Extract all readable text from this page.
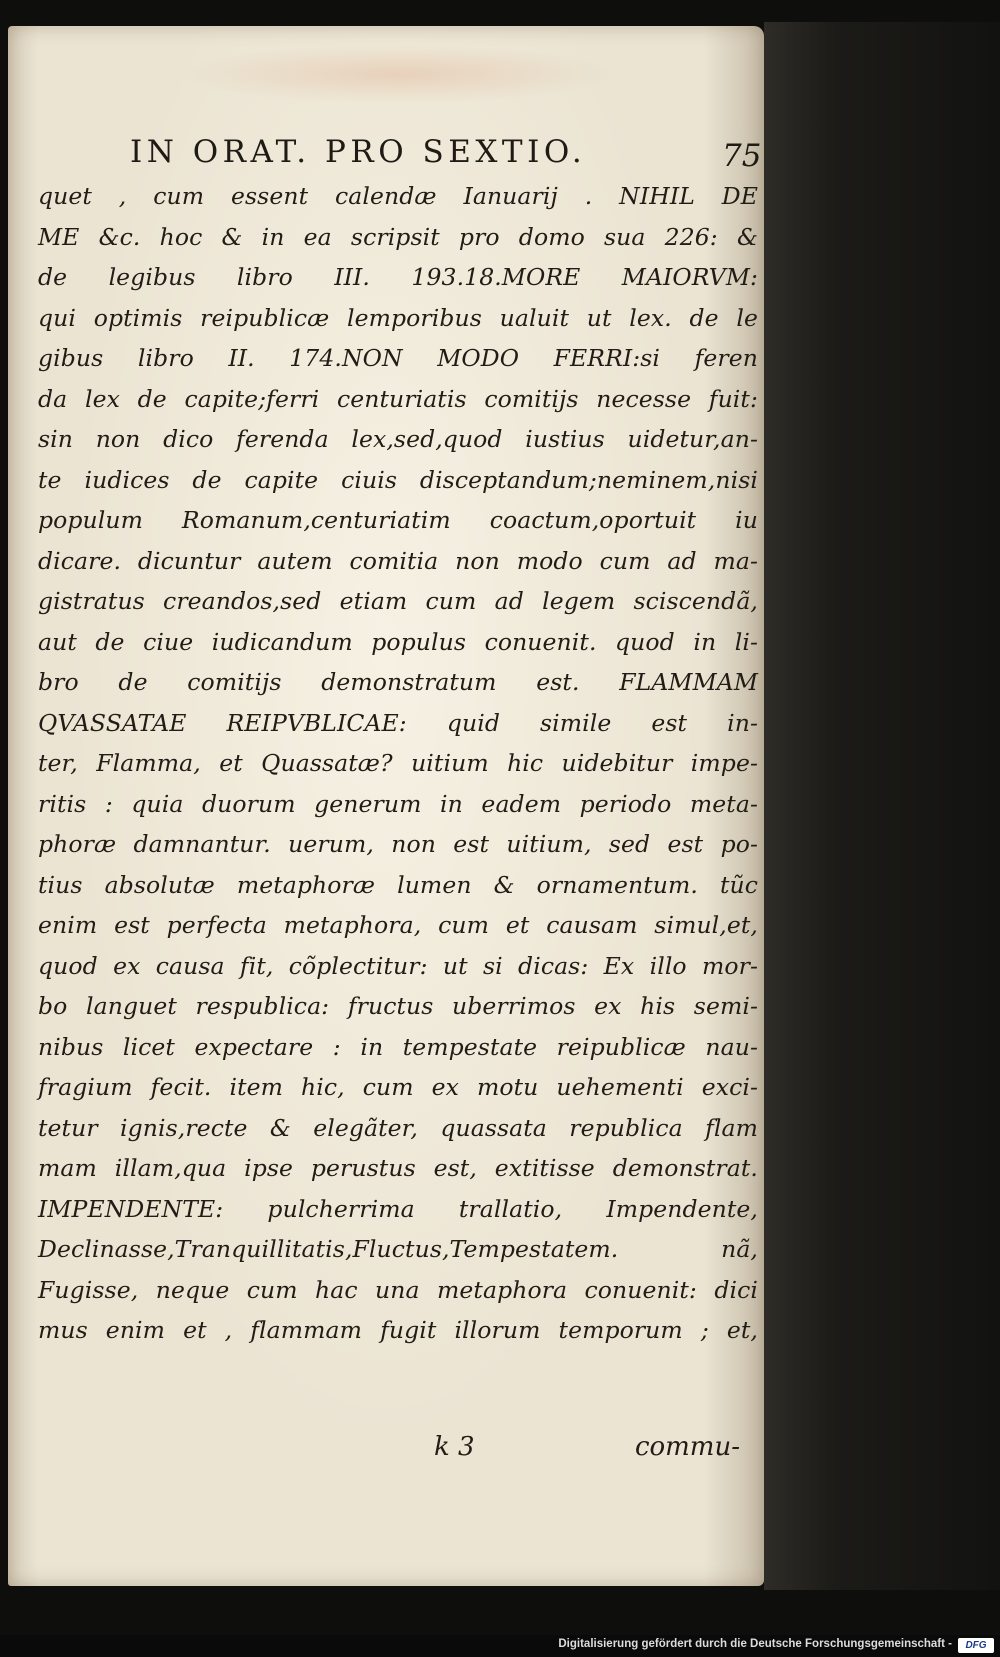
IN ORAT. PRO SEXTIO.	75
quet , cum essent calendæ Ianuarij . NIHIL DE
ME &c. hoc & in ea scripsit pro domo sua 226: &
de legibus libro III. 193.18.MORE MAIORVM:
qui optimis reipublicæ lemporibus ualuit ut lex. de le
gibus libro II. 174.NON MODO FERRI:si feren
da lex de capite;ferri centuriatis comitijs necesse fuit:
sin non dico ferenda lex,sed,quod iustius uidetur,an-
te iudices de capite ciuis disceptandum;neminem,nisi
populum Romanum,centuriatim coactum,oportuit iu
dicare. dicuntur autem comitia non modo cum ad ma-
gistratus creandos,sed etiam cum ad legem sciscendã,
aut de ciue iudicandum populus conuenit. quod in li-
bro de comitijs demonstratum est. FLAMMAM
QVASSATAE REIPVBLICAE: quid simile est in-
ter, Flamma, et Quassatæ? uitium hic uidebitur impe-
ritis : quia duorum generum in eadem periodo meta-
phoræ damnantur. uerum, non est uitium, sed est po-
tius absolutæ metaphoræ lumen & ornamentum. tũc
enim est perfecta metaphora, cum et causam simul,et,
quod ex causa fit, cõplectitur: ut si dicas: Ex illo mor-
bo languet respublica: fructus uberrimos ex his semi-
nibus licet expectare : in tempestate reipublicæ nau-
fragium fecit. item hic, cum ex motu uehementi exci-
tetur ignis,recte & elegãter, quassata republica flam
mam illam,qua ipse perustus est, extitisse demonstrat.
IMPENDENTE: pulcherrima trallatio, Impendente,
Declinasse,Tranquillitatis,Fluctus,Tempestatem. nã,
Fugisse, neque cum hac una metaphora conuenit: dici
mus enim et , flammam fugit illorum temporum ; et,
k 3	commu-
Digitalisierung gefördert durch die Deutsche Forschungsgemeinschaft -	DFG
